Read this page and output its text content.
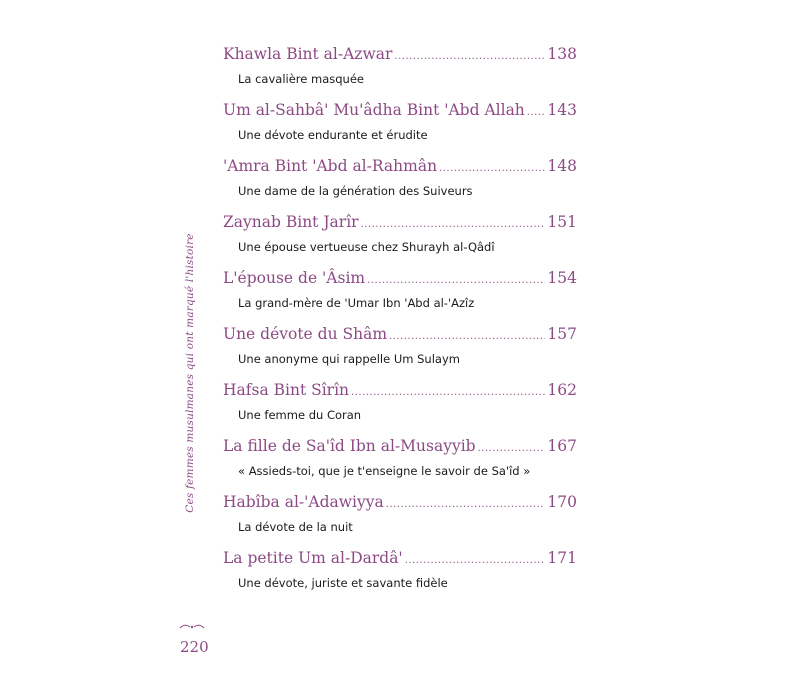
Ces femmes musulmanes qui ont marqué l'histoire
220
Khawla Bint al-Azwar .....	138
La cavalière masquée
Um al-Sahbâ' Mu'âdha Bint 'Abd Allah ..... 143
Une dévote endurante et érudite
'Amra Bint 'Abd al-Rahmân .....	148
Une dame de la génération des Suiveurs
Zaynab Bint Jarîr .....	151
Une épouse vertueuse chez Shurayh al-Qâdî
L'épouse de 'Âsim .....	154
La grand-mère de 'Umar Ibn 'Abd al-'Azîz
Une dévote du Shâm .....	157
Une anonyme qui rappelle Um Sulaym
Hafsa Bint Sîrîn .....	162
Une femme du Coran
La fille de Sa'îd Ibn al-Musayyib .....	167
« Assieds-toi, que je t'enseigne le savoir de Sa'îd »
Habîba al-'Adawiyya .....	170
La dévote de la nuit
La petite Um al-Dardâ' .....	171
Une dévote, juriste et savante fidèle
